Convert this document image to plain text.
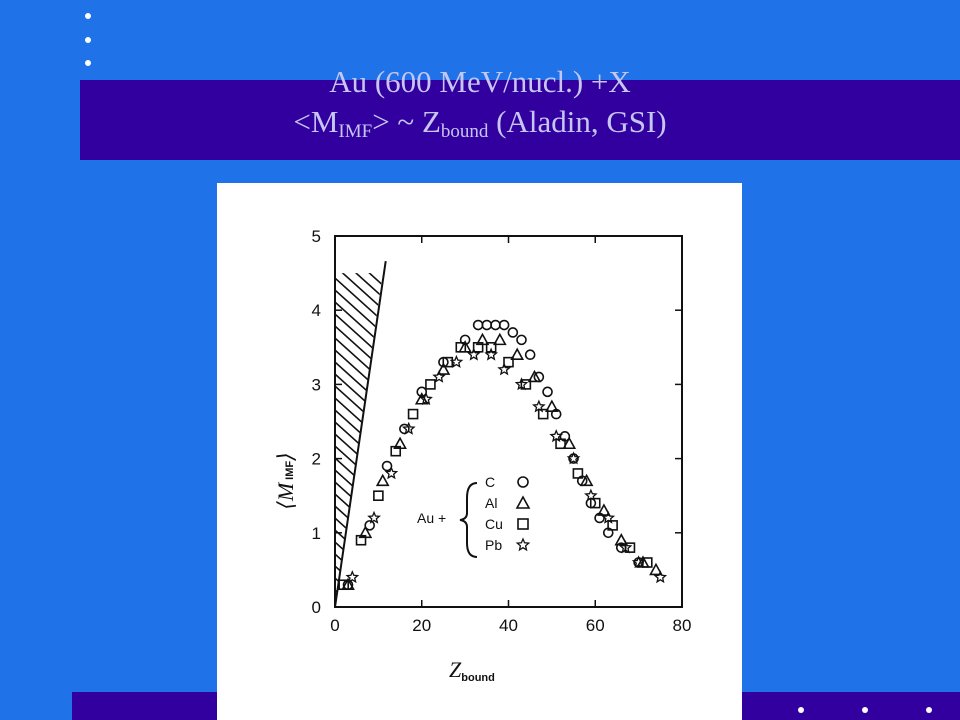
Au (600 MeV/nucl.) +X
$<M_{IMF}>$ ~ $Z_{bound}$ (Aladin, GSI)
0	20	40	60	80
0
1
2
3
4
5
Au +
C
Al
Cu
Pb
Zbound
⟨MIMF⟩
